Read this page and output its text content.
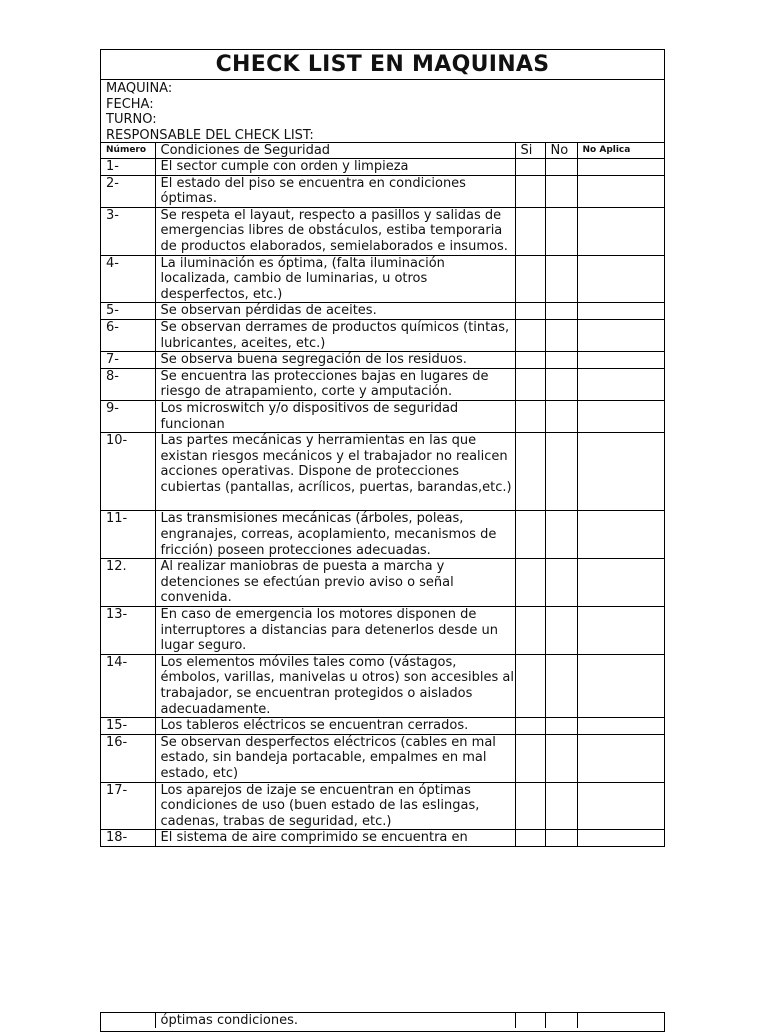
CHECK LIST EN MAQUINAS
MAQUINA:
FECHA:
TURNO:
RESPONSABLE DEL CHECK LIST:
Número	Condiciones de Seguridad	Si	No	No Aplica
1-	El sector cumple con orden y limpieza			
2-	El estado del piso se encuentra en condiciones óptimas.			
3-	Se respeta el layaut, respecto a pasillos y salidas de emergencias libres de obstáculos, estiba temporaria de productos elaborados, semielaborados e insumos.			
4-	La iluminación es óptima, (falta iluminación localizada, cambio de luminarias, u otros desperfectos, etc.)			
5-	Se observan pérdidas de aceites.			
6-	Se observan derrames de productos químicos (tintas, lubricantes, aceites, etc.)			
7-	Se observa buena segregación de los residuos.			
8-	Se encuentra las protecciones bajas en lugares de riesgo de atrapamiento, corte y amputación.			
9-	Los microswitch y/o dispositivos de seguridad funcionan			
10-	Las partes mecánicas y herramientas en las que existan riesgos mecánicos y el trabajador no realicen acciones operativas. Dispone de protecciones cubiertas (pantallas, acrílicos, puertas, barandas,etc.)			
11-	Las transmisiones mecánicas (árboles, poleas, engranajes, correas, acoplamiento, mecanismos de fricción) poseen protecciones adecuadas.			
12.	Al realizar maniobras de puesta a marcha y detenciones se efectúan previo aviso o señal convenida.			
13-	En caso de emergencia los motores disponen de interruptores a distancias para detenerlos desde un lugar seguro.			
14-	Los elementos móviles tales como (vástagos, émbolos, varillas, manivelas u otros) son accesibles al trabajador, se encuentran protegidos o aislados adecuadamente.			
15-	Los tableros eléctricos se encuentran cerrados.			
16-	Se observan desperfectos eléctricos (cables en mal estado, sin bandeja portacable, empalmes en mal estado, etc)			
17-	Los aparejos de izaje se encuentran en óptimas condiciones de uso (buen estado de las eslingas, cadenas, trabas de seguridad, etc.)			
18-	El sistema de aire comprimido se encuentra en			
	óptimas condiciones.			
